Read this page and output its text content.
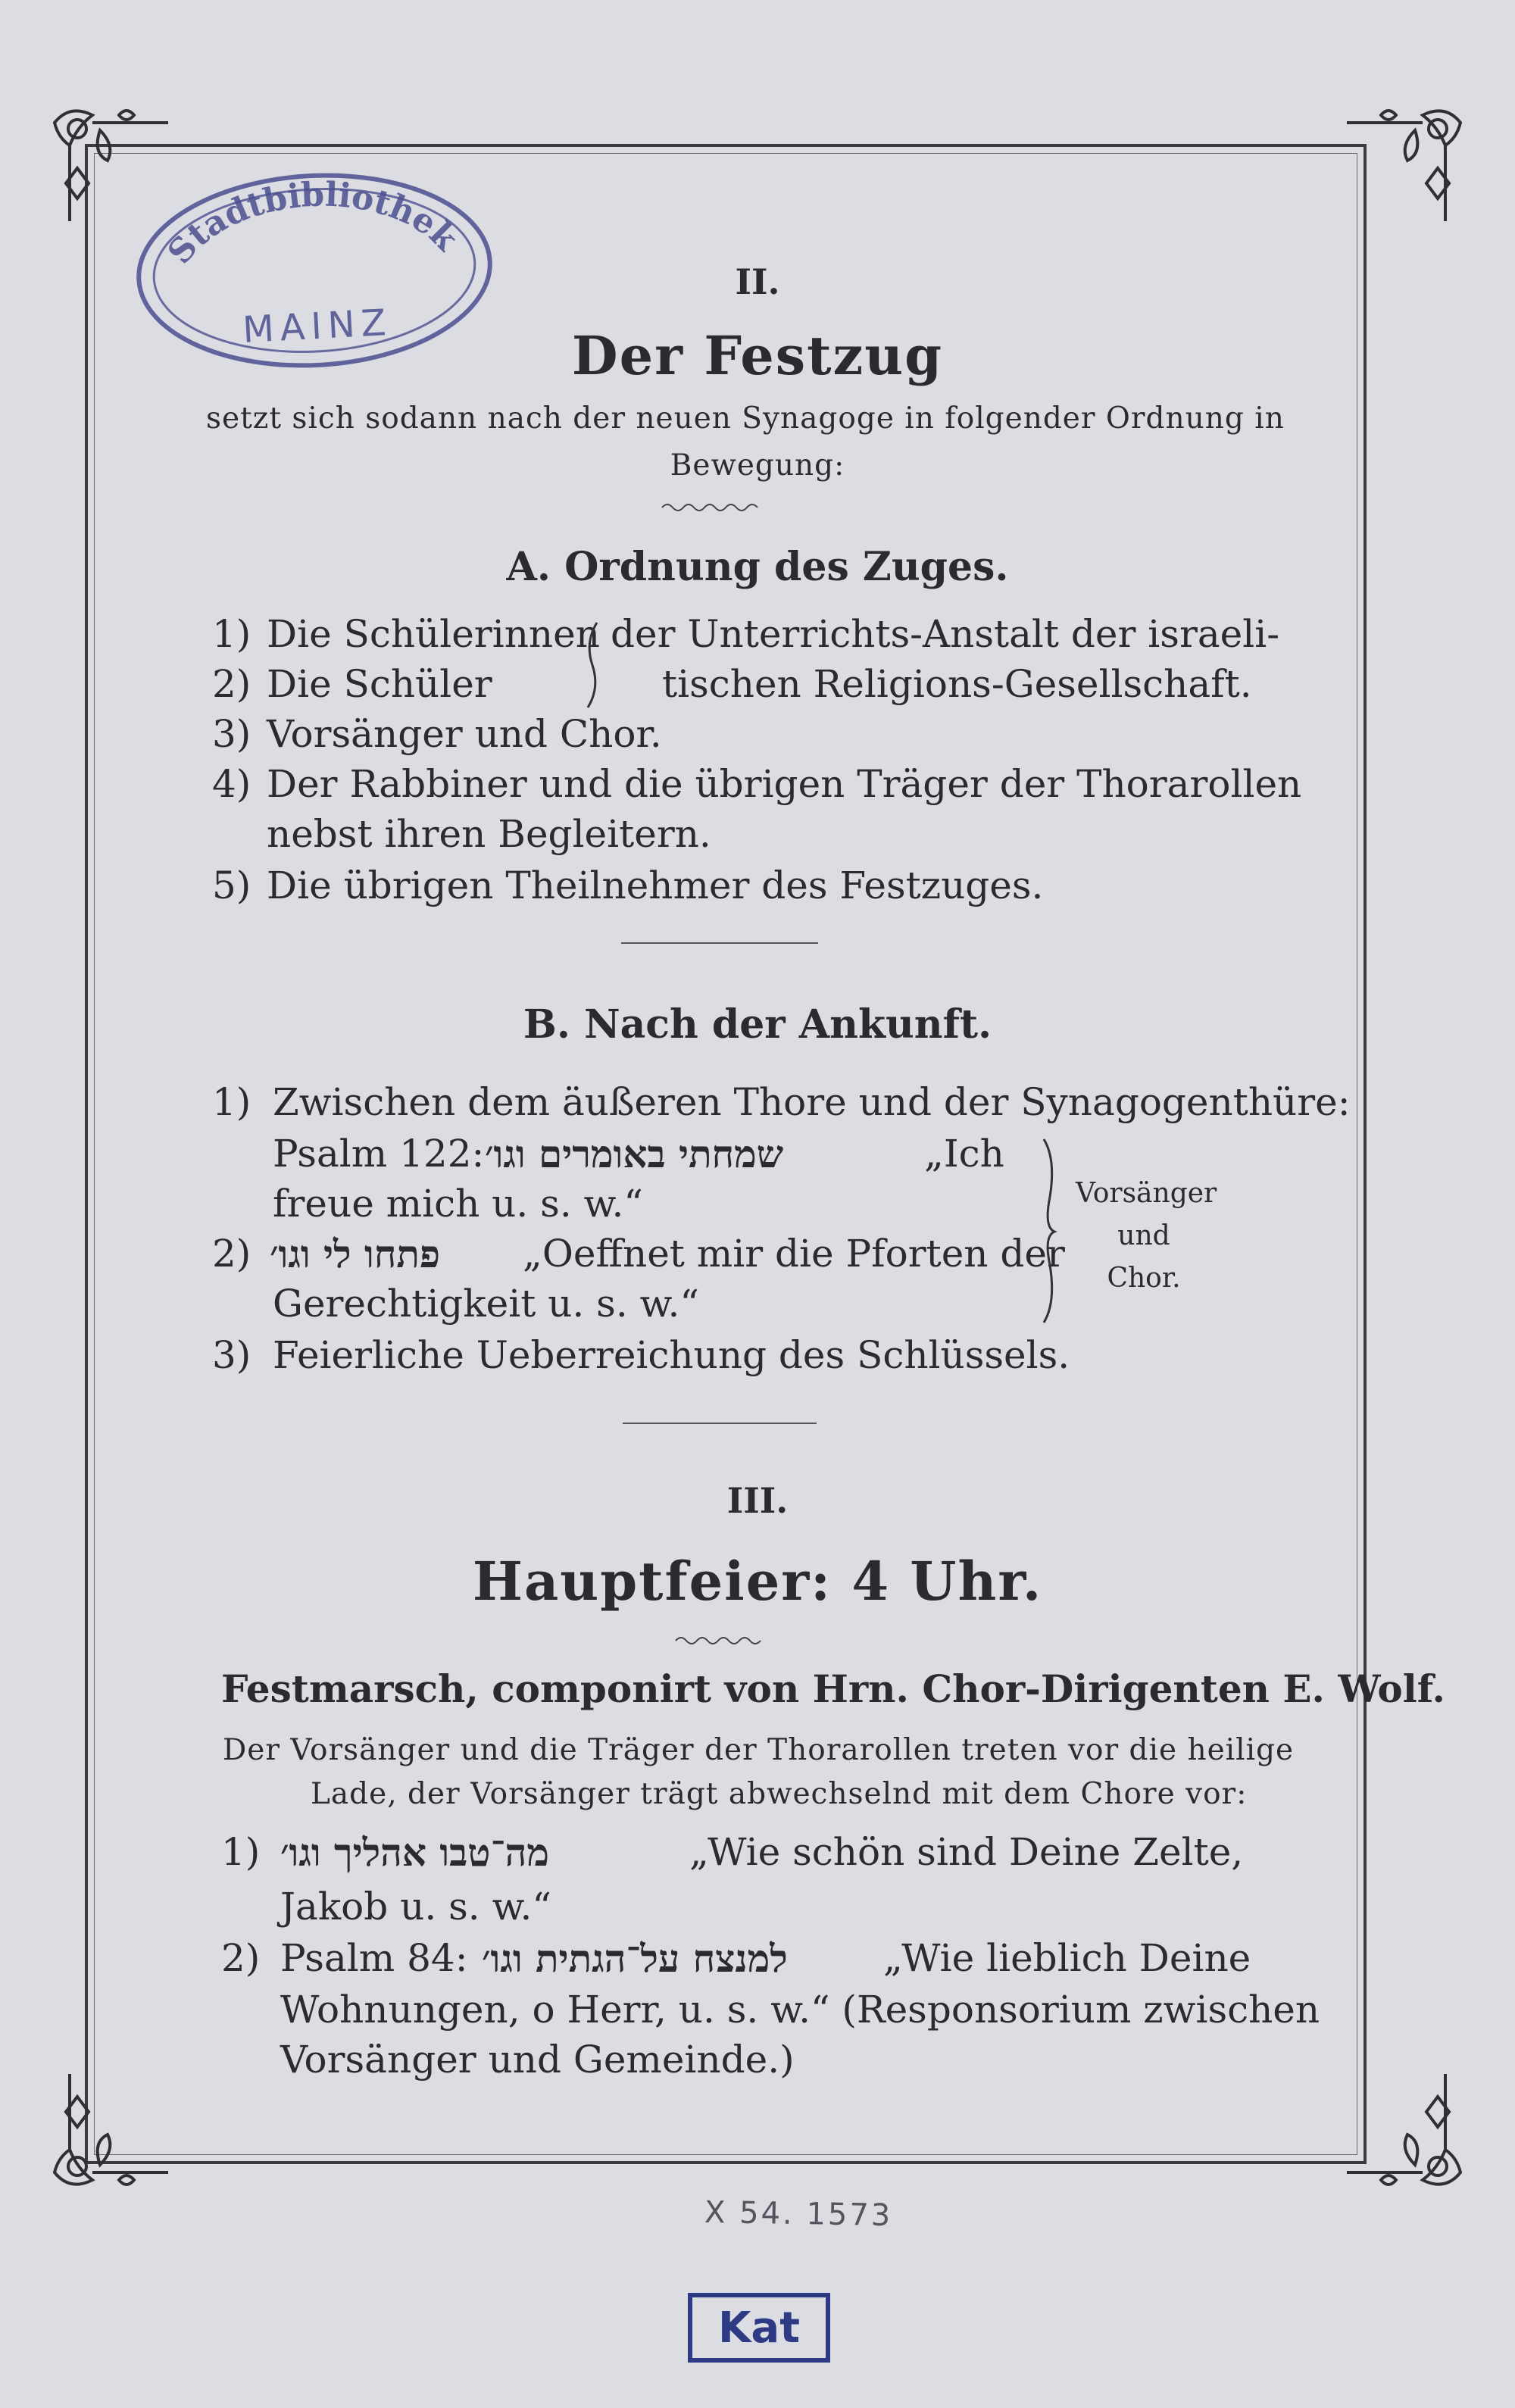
Stadtbibliothek
MAINZ
II.
Der Festzug
setzt sich sodann nach der neuen Synagoge in folgender Ordnung in
Bewegung:
A. Ordnung des Zuges.
1) Die Schülerinnen der Unterrichts-Anstalt der israeli-
2) Die Schüler	tischen Religions-Gesellschaft.
3) Vorsänger und Chor.
4) Der Rabbiner und die übrigen Träger der Thorarollen
nebst ihren Begleitern.
5) Die übrigen Theilnehmer des Festzuges.
B. Nach der Ankunft.
1) Zwischen dem äußeren Thore und der Synagogenthüre:
Psalm 122: שמחתי באומרים וגו׳	„Ich
freue mich u. s. w.“
2) פתחו לי וגו׳ „Oeffnet mir die Pforten der
Gerechtigkeit u. s. w.“
3) Feierliche Ueberreichung des Schlüssels.
Vorsänger
und
Chor.
III.
Hauptfeier: 4 Uhr.
Festmarsch, componirt von Hrn. Chor-Dirigenten E. Wolf.
Der Vorsänger und die Träger der Thorarollen treten vor die heilige
Lade, der Vorsänger trägt abwechselnd mit dem Chore vor:
1) מה־טבו אהליך וגו׳	„Wie schön sind Deine Zelte,
Jakob u. s. w.“
2) Psalm 84: למנצח על־הגתית וגו׳	„Wie lieblich Deine
Wohnungen, o Herr, u. s. w.“ (Responsorium zwischen
Vorsänger und Gemeinde.)
X 54. 1573
Kat
